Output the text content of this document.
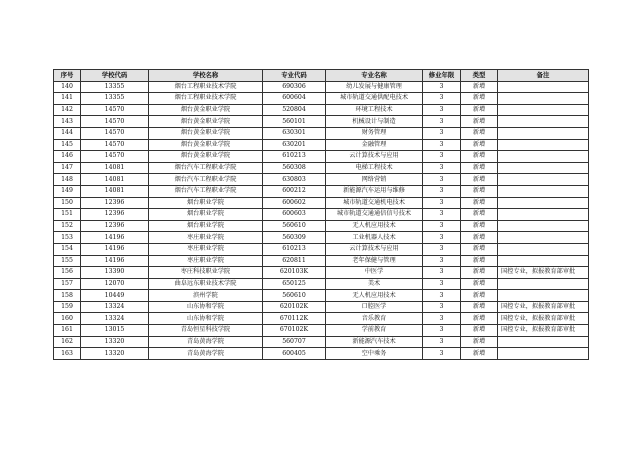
序号	学校代码	学校名称	专业代码	专业名称	修业年限	类型	备注
140	13355	烟台工程职业技术学院	690306	幼儿发展与健康管理	3	新增	
141	13355	烟台工程职业技术学院	600604	城市轨道交通供配电技术	3	新增	
142	14570	烟台黄金职业学院	520804	环境工程技术	3	新增	
143	14570	烟台黄金职业学院	560101	机械设计与制造	3	新增	
144	14570	烟台黄金职业学院	630301	财务管理	3	新增	
145	14570	烟台黄金职业学院	630201	金融管理	3	新增	
146	14570	烟台黄金职业学院	610213	云计算技术与应用	3	新增	
147	14081	烟台汽车工程职业学院	560308	电梯工程技术	3	新增	
148	14081	烟台汽车工程职业学院	630803	网络营销	3	新增	
149	14081	烟台汽车工程职业学院	600212	新能源汽车运用与维修	3	新增	
150	12396	烟台职业学院	600602	城市轨道交通机电技术	3	新增	
151	12396	烟台职业学院	600603	城市轨道交通通信信号技术	3	新增	
152	12396	烟台职业学院	560610	无人机应用技术	3	新增	
153	14196	枣庄职业学院	560309	工业机器人技术	3	新增	
154	14196	枣庄职业学院	610213	云计算技术与应用	3	新增	
155	14196	枣庄职业学院	620811	老年保健与管理	3	新增	
156	13390	枣庄科技职业学院	620103K	中医学	3	新增	国控专业，拟报教育部审批
157	12070	曲阜远东职业技术学院	650125	美术	3	新增	
158	10449	滨州学院	560610	无人机应用技术	3	新增	
159	13324	山东协和学院	620102K	口腔医学	3	新增	国控专业，拟报教育部审批
160	13324	山东协和学院	670112K	音乐教育	3	新增	国控专业，拟报教育部审批
161	13015	青岛恒星科技学院	670102K	学前教育	3	新增	国控专业，拟报教育部审批
162	13320	青岛黄海学院	560707	新能源汽车技术	3	新增	
163	13320	青岛黄海学院	600405	空中乘务	3	新增	
